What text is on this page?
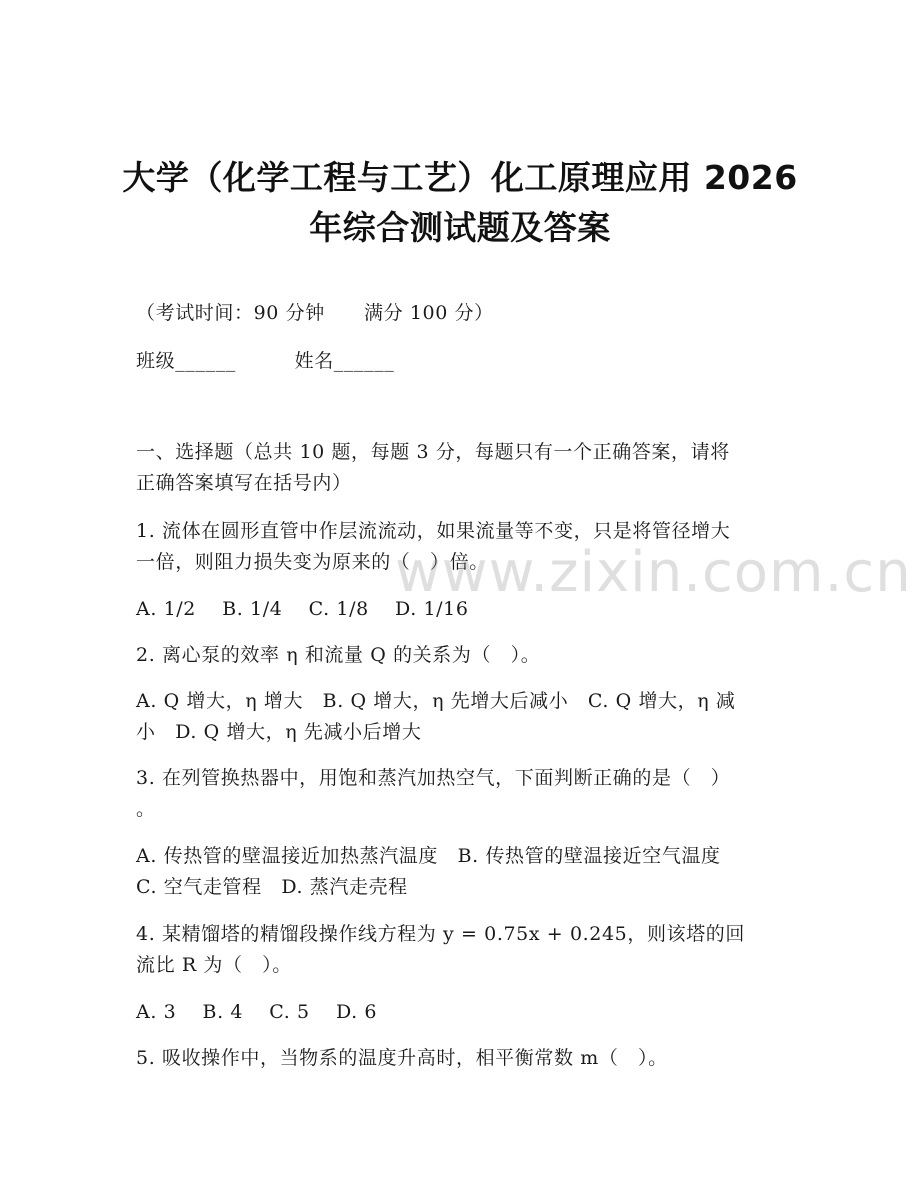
大学（化学工程与工艺）化工原理应用 2026
年综合测试题及答案
（考试时间：90 分钟　　满分 100 分）
班级______　　　姓名______
一、选择题（总共 10 题，每题 3 分，每题只有一个正确答案，请将
正确答案填写在括号内）
1. 流体在圆形直管中作层流流动，如果流量等不变，只是将管径增大
一倍，则阻力损失变为原来的（　）倍。
A. 1/2　 B. 1/4　 C. 1/8　 D. 1/16
2. 离心泵的效率 η 和流量 Q 的关系为（　）。
A. Q 增大，η 增大　B. Q 增大，η 先增大后减小　C. Q 增大，η 减
小　D. Q 增大，η 先减小后增大
3. 在列管换热器中，用饱和蒸汽加热空气，下面判断正确的是（　）
。
A. 传热管的壁温接近加热蒸汽温度　B. 传热管的壁温接近空气温度
C. 空气走管程　D. 蒸汽走壳程
4. 某精馏塔的精馏段操作线方程为 y = 0.75x + 0.245，则该塔的回
流比 R 为（　）。
A. 3　 B. 4　 C. 5　 D. 6
5. 吸收操作中，当物系的温度升高时，相平衡常数 m（　）。
www.zixin.com.cn
